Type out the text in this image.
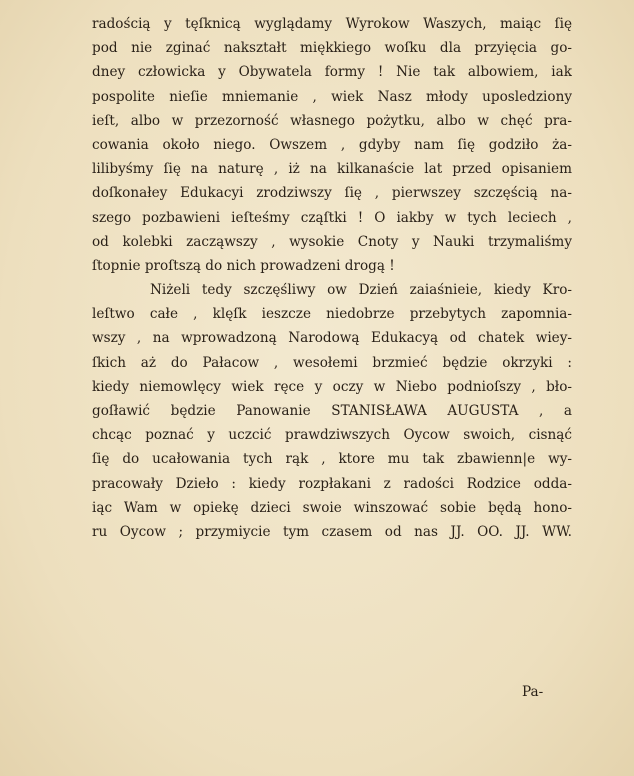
radością y tęſknicą wyglądamy Wyrokow Waszych, maiąc ſię
pod nie zginać nakształt miękkiego woſku dla przyięcia go-
dney człowicka y Obywatela formy ! Nie tak albowiem, iak
pospolite nieſie mniemanie , wiek Nasz młody uposledziony
ieſt, albo w przezorność własnego pożytku, albo w chęć pra-
cowania około niego. Owszem , gdyby nam ſię godziło ża-
lilibyśmy ſię na naturę , iż na kilkanaście lat przed opisaniem
doſkonałey Edukacyi zrodziwszy ſię , pierwszey szczęścią na-
szego pozbawieni ieſteśmy cząſtki ! O iakby w tych leciech ,
od kolebki zacząwszy , wysokie Cnoty y Nauki trzymaliśmy
ſtopnie proſtszą do nich prowadzeni drogą !
Niżeli tedy szczęśliwy ow Dzień zaiaśnieie, kiedy Kro-
leſtwo całe , klęſk ieszcze niedobrze przebytych zapomnia-
wszy , na wprowadzoną Narodową Edukacyą od chatek wiey-
ſkich aż do Pałacow , wesołemi brzmieć będzie okrzyki :
kiedy niemowlęcy wiek ręce y oczy w Niebo podnioſszy , bło-
goſławić będzie Panowanie STANISŁAWA AUGUSTA , a
chcąc poznać y uczcić prawdziwszych Oycow swoich, cisnąć
ſię do ucałowania tych rąk , ktore mu tak zbawienn|e wy-
pracowały Dzieło : kiedy rozpłakani z radości Rodzice odda-
iąc Wam w opiekę dzieci swoie winszować sobie będą hono-
ru Oycow ; przymiycie tym czasem od nas JJ. OO. JJ. WW.
Pa-
